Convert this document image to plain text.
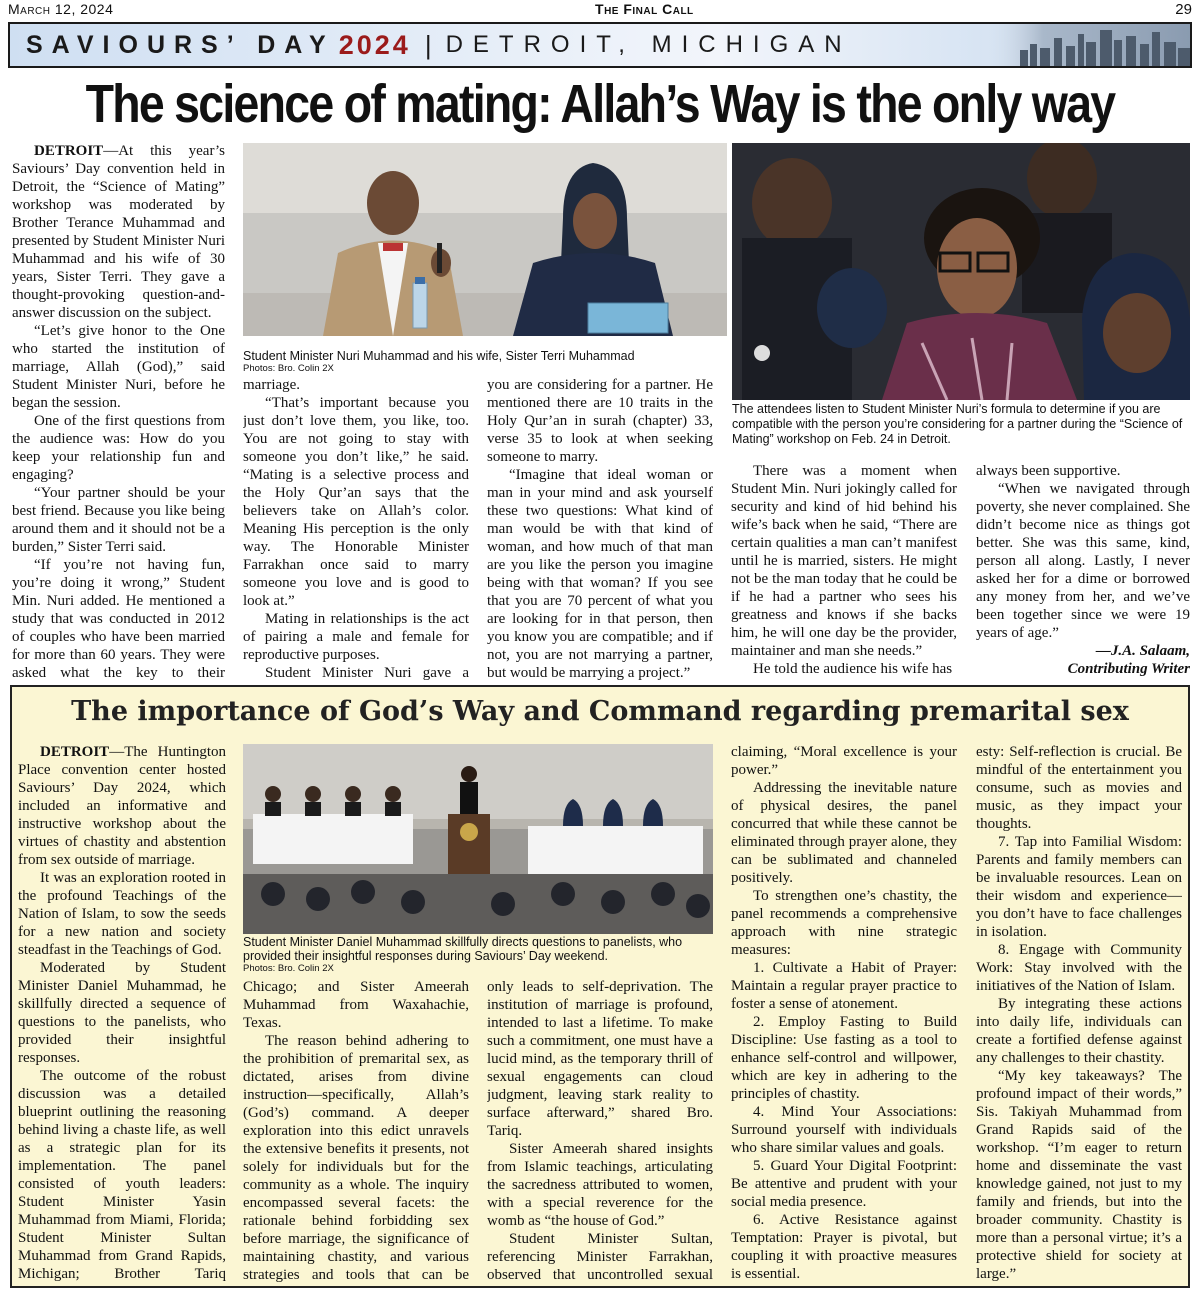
March 12, 2024	The Final Call	29
SAVIOURS’ DAY 2024 | DETROIT, MICHIGAN
The science of mating: Allah’s Way is the only way

DETROIT—At this year’s Saviours’ Day convention held in Detroit, the “Science of Mating” workshop was moderated by Brother Terance Muhammad and presented by Student Minister Nuri Muhammad and his wife of 30 years, Sister Terri. They gave a thought-provoking question-and-answer discussion on the subject.

“Let’s give honor to the One who started the institution of marriage, Allah (God),” said Student Minister Nuri, before he began the session.

One of the first questions from the audience was: How do you keep your relationship fun and engaging?

“Your partner should be your best friend. Because you like being around them and it should not be a burden,” Sister Terri said.

“If you’re not having fun, you’re doing it wrong,” Student Min. Nuri added. He mentioned a study that was conducted in 2012 of couples who have been married for more than 60 years. They were asked what the key to their

Student Minister Nuri Muhammad and his wife, Sister Terri Muhammad
Photos: Bro. Colin 2X
The attendees listen to Student Minister Nuri’s formula to determine if you are compatible with the person you’re considering for a partner during the “Science of Mating” workshop on Feb. 24 in Detroit.

marriage.

“That’s important because you just don’t love them, you like, too. You are not going to stay with someone you don’t like,” he said. “Mating is a selective process and the Holy Qur’an says that the believers take on Allah’s color. Meaning His perception is the only way. The Honorable Minister Farrakhan once said to marry someone you love and is good to look at.”

Mating in relationships is the act of pairing a male and female for reproductive purposes.

Student Minister Nuri gave a

you are considering for a partner. He mentioned there are 10 traits in the Holy Qur’an in surah (chapter) 33, verse 35 to look at when seeking someone to marry.

“Imagine that ideal woman or man in your mind and ask yourself these two questions: What kind of man would be with that kind of woman, and how much of that man are you like the person you imagine being with that woman? If you see that you are 70 percent of what you are looking for in that person, then you know you are compatible; and if not, you are not marrying a partner, but would be marrying a project.”

There was a moment when Student Min. Nuri jokingly called for security and kind of hid behind his wife’s back when he said, “There are certain qualities a man can’t manifest until he is married, sisters. He might not be the man today that he could be if he had a partner who sees his greatness and knows if she backs him, he will one day be the provider, maintainer and man she needs.”

He told the audience his wife has

always been supportive.

“When we navigated through poverty, she never complained. She didn’t become nice as things got better. She was this same, kind, person all along. Lastly, I never asked her for a dime or borrowed any money from her, and we’ve been together since we were 19 years of age.”

—J.A. Salaam,
Contributing Writer
The importance of God’s Way and Command regarding premarital sex

DETROIT—The Huntington Place convention center hosted Saviours’ Day 2024, which included an informative and instructive workshop about the virtues of chastity and abstention from sex outside of marriage.

It was an exploration rooted in the profound Teachings of the Nation of Islam, to sow the seeds for a new nation and society steadfast in the Teachings of God.

Moderated by Student Minister Daniel Muhammad, he skillfully directed a sequence of questions to the panelists, who provided their insightful responses.

The outcome of the robust discussion was a detailed blueprint outlining the reasoning behind living a chaste life, as well as a strategic plan for its implementation. The panel consisted of youth leaders: Student Minister Yasin Muhammad from Miami, Florida; Student Minister Sultan Muhammad from Grand Rapids, Michigan; Brother Tariq

Student Minister Daniel Muhammad skillfully directs questions to panelists, who provided their insightful responses during Saviours’ Day weekend.
Photos: Bro. Colin 2X

Chicago; and Sister Ameerah Muhammad from Waxahachie, Texas.

The reason behind adhering to the prohibition of premarital sex, as dictated, arises from divine instruction—specifically, Allah’s (God’s) command. A deeper exploration into this edict unravels the extensive benefits it presents, not solely for individuals but for the community as a whole. The inquiry encompassed several facets: the rationale behind forbidding sex before marriage, the significance of maintaining chastity, and various strategies and tools that can be

only leads to self-deprivation. The institution of marriage is profound, intended to last a lifetime. To make such a commitment, one must have a lucid mind, as the temporary thrill of sexual engagements can cloud judgment, leaving stark reality to surface afterward,” shared Bro. Tariq.

Sister Ameerah shared insights from Islamic teachings, articulating the sacredness attributed to women, with a special reverence for the womb as “the house of God.”

Student Minister Sultan, referencing Minister Farrakhan, observed that uncontrolled sexual

claiming, “Moral excellence is your power.”

Addressing the inevitable nature of physical desires, the panel concurred that while these cannot be eliminated through prayer alone, they can be sublimated and channeled positively.

To strengthen one’s chastity, the panel recommends a comprehensive approach with nine strategic measures:

1. Cultivate a Habit of Prayer: Maintain a regular prayer practice to foster a sense of atonement.

2. Employ Fasting to Build Discipline: Use fasting as a tool to enhance self-control and willpower, which are key in adhering to the principles of chastity.

4. Mind Your Associations: Surround yourself with individuals who share similar values and goals.

5. Guard Your Digital Footprint: Be attentive and prudent with your social media presence.

6. Active Resistance against Temptation: Prayer is pivotal, but coupling it with proactive measures is essential.

esty: Self-reflection is crucial. Be mindful of the entertainment you consume, such as movies and music, as they impact your thoughts.

7. Tap into Familial Wisdom: Parents and family members can be invaluable resources. Lean on their wisdom and experience—you don’t have to face challenges in isolation.

8. Engage with Community Work: Stay involved with the initiatives of the Nation of Islam.

By integrating these actions into daily life, individuals can create a fortified defense against any challenges to their chastity.

“My key takeaways? The profound impact of their words,” Sis. Takiyah Muhammad from Grand Rapids said of the workshop. “I’m eager to return home and disseminate the vast knowledge gained, not just to my family and friends, but into the broader community. Chastity is more than a personal virtue; it’s a protective shield for society at large.”
